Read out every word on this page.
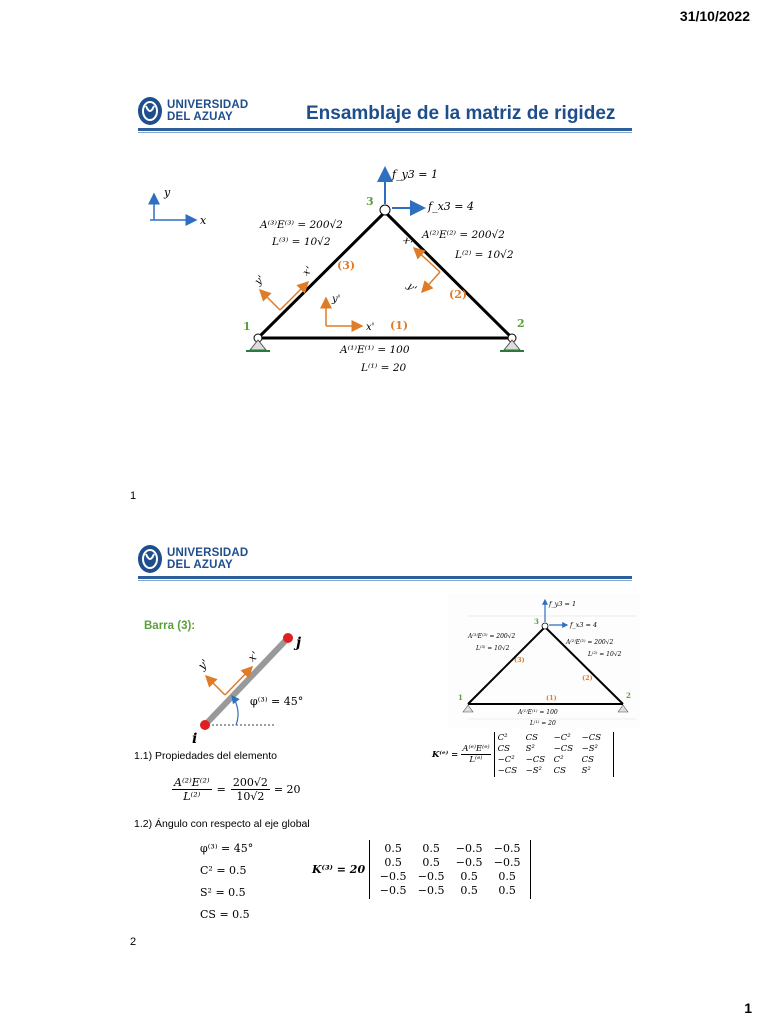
31/10/2022
1
UNIVERSIDAD
DEL AZUAY	Ensamblaje de la matriz de rigidez
y
x
1	2
3
f_y3 = 1
f_x3 = 4
(3)
(2)
(1)
A⁽³⁾E⁽³⁾ = 200√2
L⁽³⁾ = 10√2
A⁽²⁾E⁽²⁾ = 200√2
L⁽²⁾ = 10√2
A⁽¹⁾E⁽¹⁾ = 100
L⁽¹⁾ = 20
x'
y'
x'
y'
x'
y'
1
UNIVERSIDAD
DEL AZUAY
Barra (3):
x'
y'
j
i
φ⁽³⁾ = 45°
f_y3 = 1
f_x3 = 4
1	2
3
A⁽³⁾E⁽³⁾ = 200√2
L⁽³⁾ = 10√2
A⁽²⁾E⁽²⁾ = 200√2
L⁽²⁾ = 10√2
A⁽¹⁾E⁽¹⁾ = 100
L⁽¹⁾ = 20
(3)
(2)
(1)
K⁽ᵉ⁾ = $\frac{\text{A⁽ᵉ⁾E⁽ᵉ⁾}}{\text{L⁽ᵉ⁾}}$
C²	CS	−C²	−CS
CS	S²	−CS	−S²
−C²	−CS	C²	CS
−CS	−S²	CS	S²
1.1) Propiedades del elemento
$\frac{\text{A⁽²⁾E⁽²⁾}}{\text{L⁽²⁾}} = \frac{200√2}{10√2} = 20$
1.2) Ángulo con respecto al eje global
φ⁽³⁾ = 45°
C² = 0.5
S² = 0.5
CS = 0.5
K⁽³⁾ = 20
0.5	0.5	−0.5	−0.5
0.5	0.5	−0.5	−0.5
−0.5	−0.5	0.5	0.5
−0.5	−0.5	0.5	0.5
2
